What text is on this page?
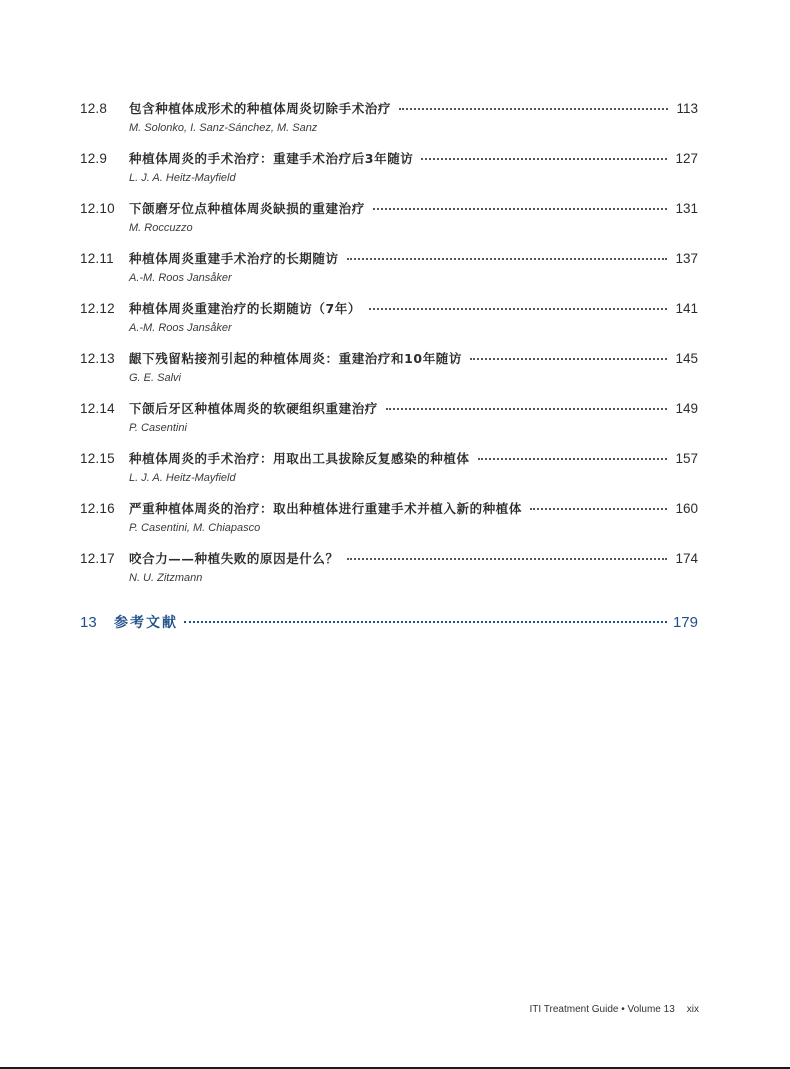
12.8	包含种植体成形术的种植体周炎切除手术治疗	113
M. Solonko, I. Sanz-Sánchez, M. Sanz
12.9	种植体周炎的手术治疗：重建手术治疗后3年随访	127
L. J. A. Heitz-Mayfield
12.10	下颌磨牙位点种植体周炎缺损的重建治疗	131
M. Roccuzzo
12.11	种植体周炎重建手术治疗的长期随访	137
A.-M. Roos Jansåker
12.12	种植体周炎重建治疗的长期随访（7年）	141
A.-M. Roos Jansåker
12.13	龈下残留粘接剂引起的种植体周炎：重建治疗和10年随访	145
G. E. Salvi
12.14	下颌后牙区种植体周炎的软硬组织重建治疗	149
P. Casentini
12.15	种植体周炎的手术治疗：用取出工具拔除反复感染的种植体	157
L. J. A. Heitz-Mayfield
12.16	严重种植体周炎的治疗：取出种植体进行重建手术并植入新的种植体	160
P. Casentini, M. Chiapasco
12.17	咬合力——种植失败的原因是什么？	174
N. U. Zitzmann
13	参考文献	179
ITI Treatment Guide • Volume 13 xix
